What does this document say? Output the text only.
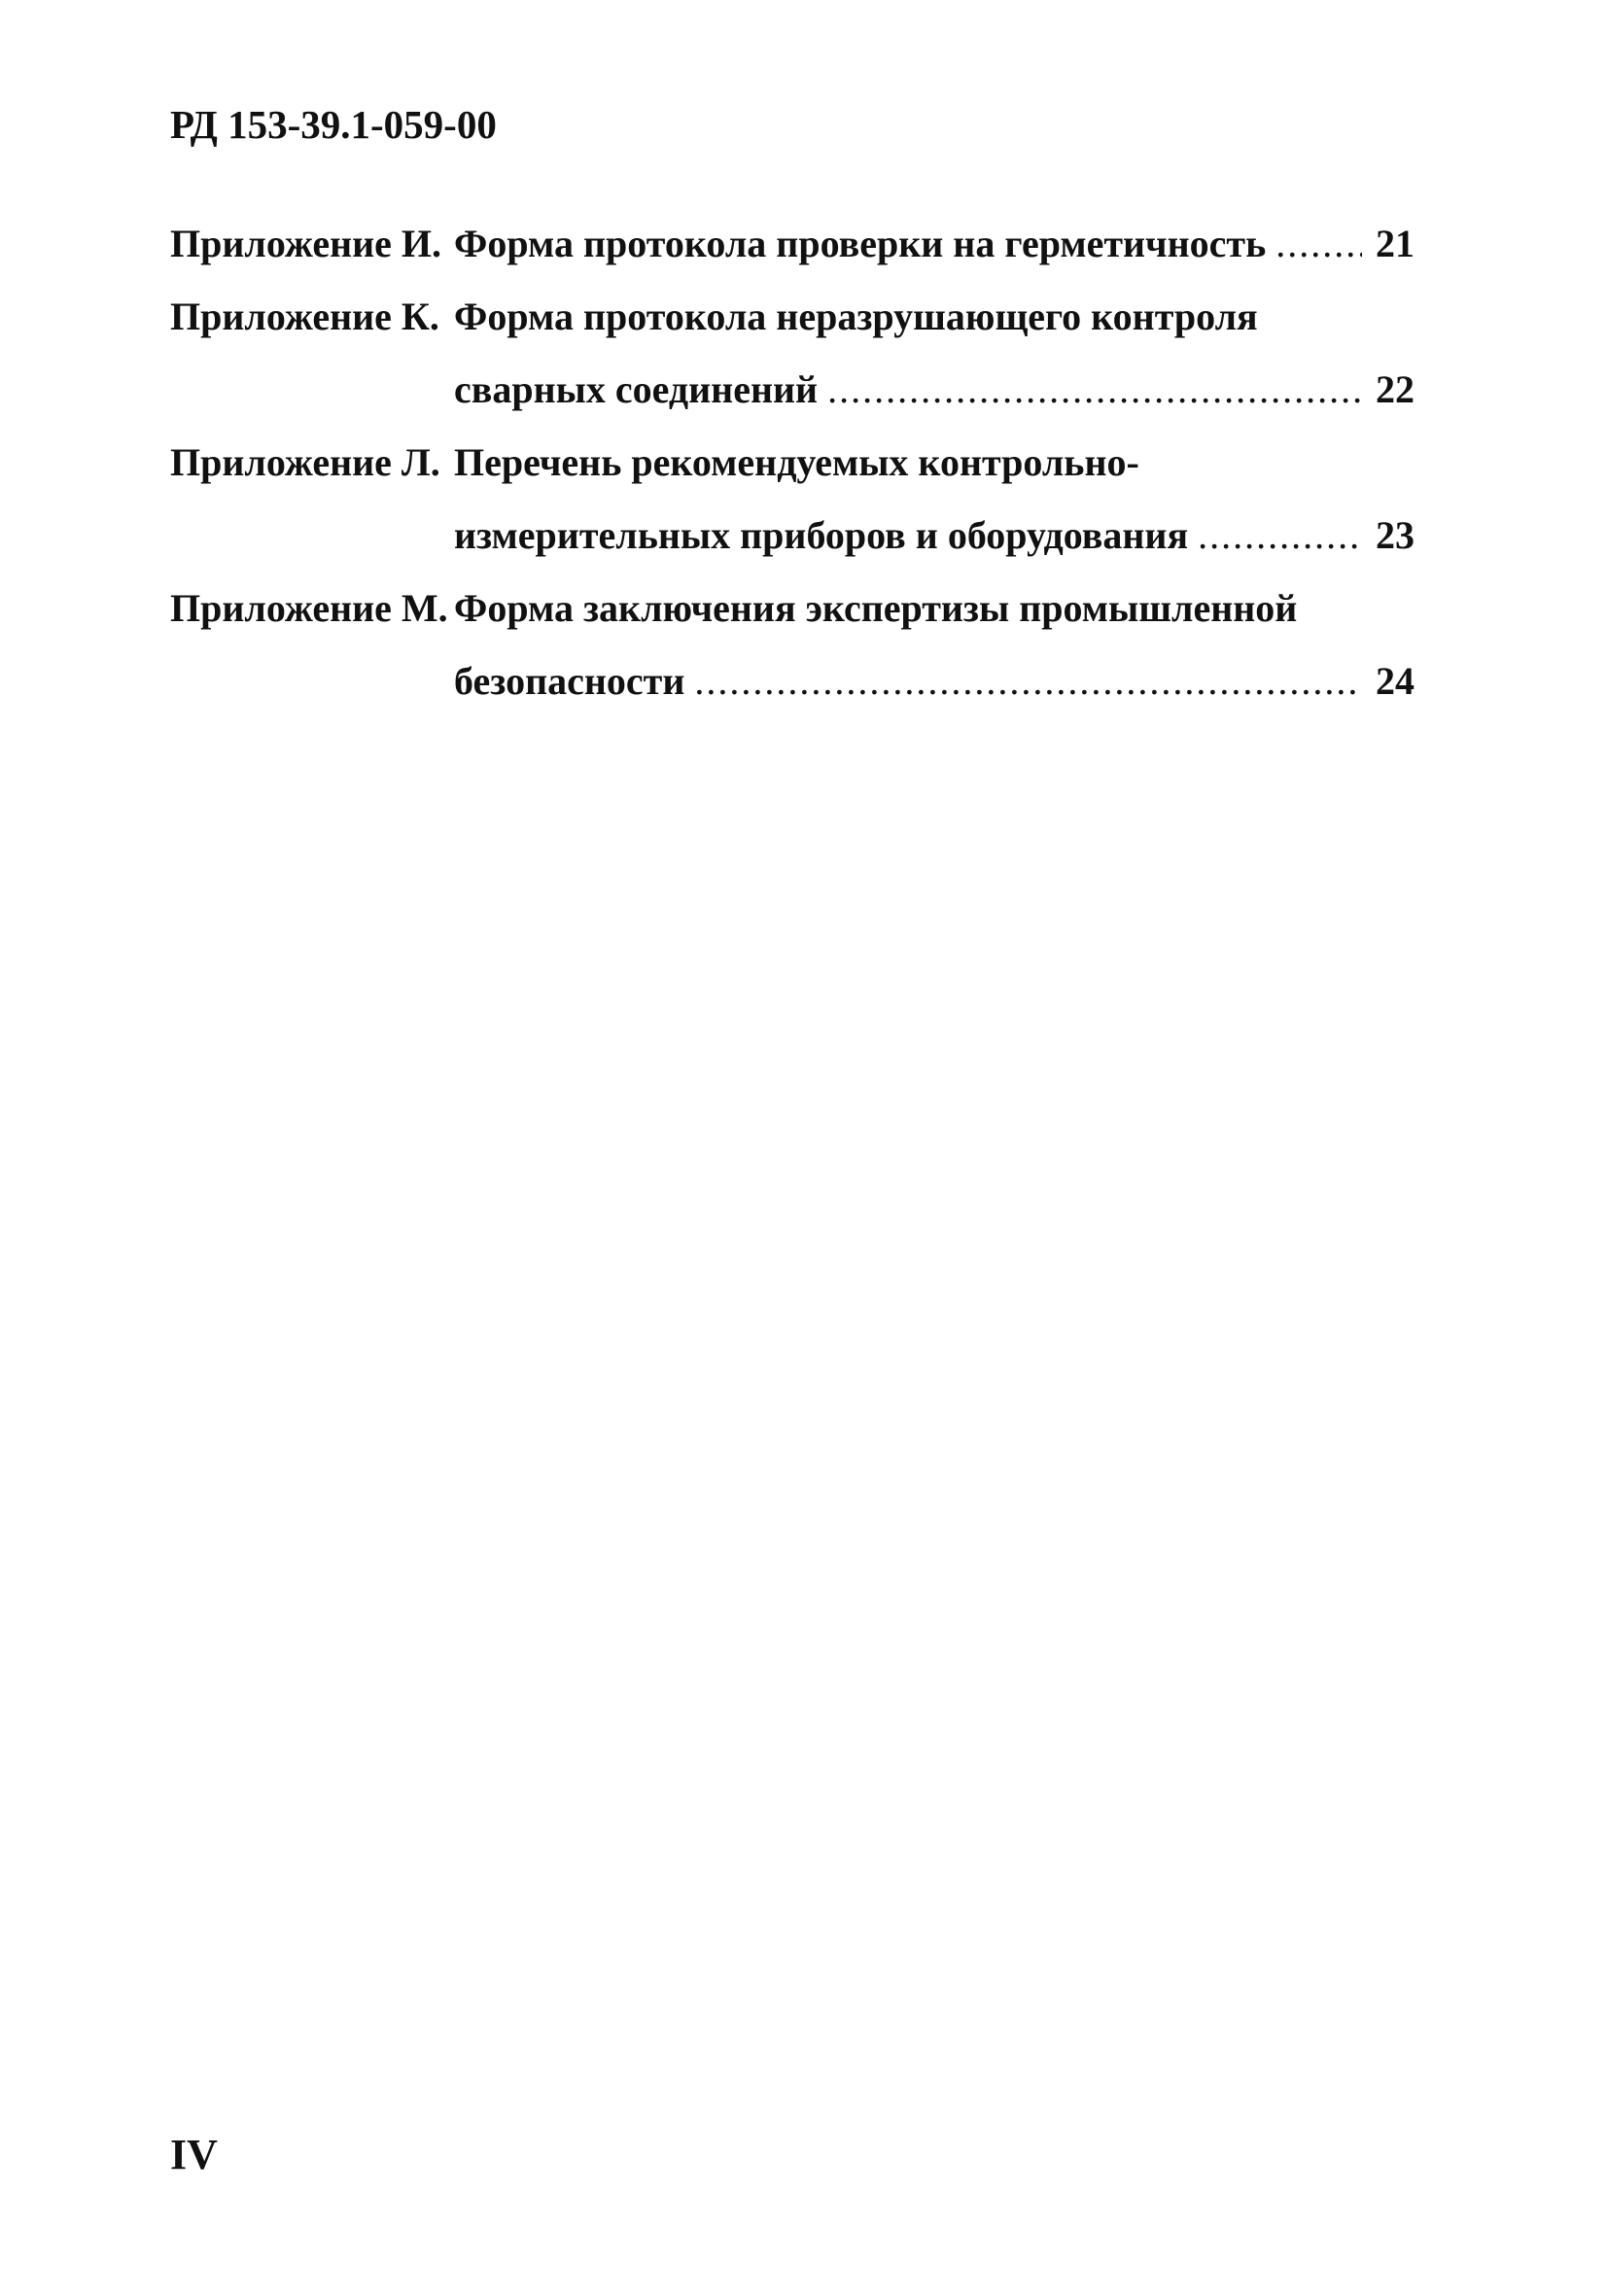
РД 153-39.1-059-00
Приложение И. Форма протокола проверки на герметичность .....	21
Приложение К. Форма протокола неразрушающего контроля
сварных соединений .....	22
Приложение Л. Перечень рекомендуемых контрольно-
измерительных приборов и оборудования .....	23
Приложение М. Форма заключения экспертизы промышленной
безопасности .....	24
IV
